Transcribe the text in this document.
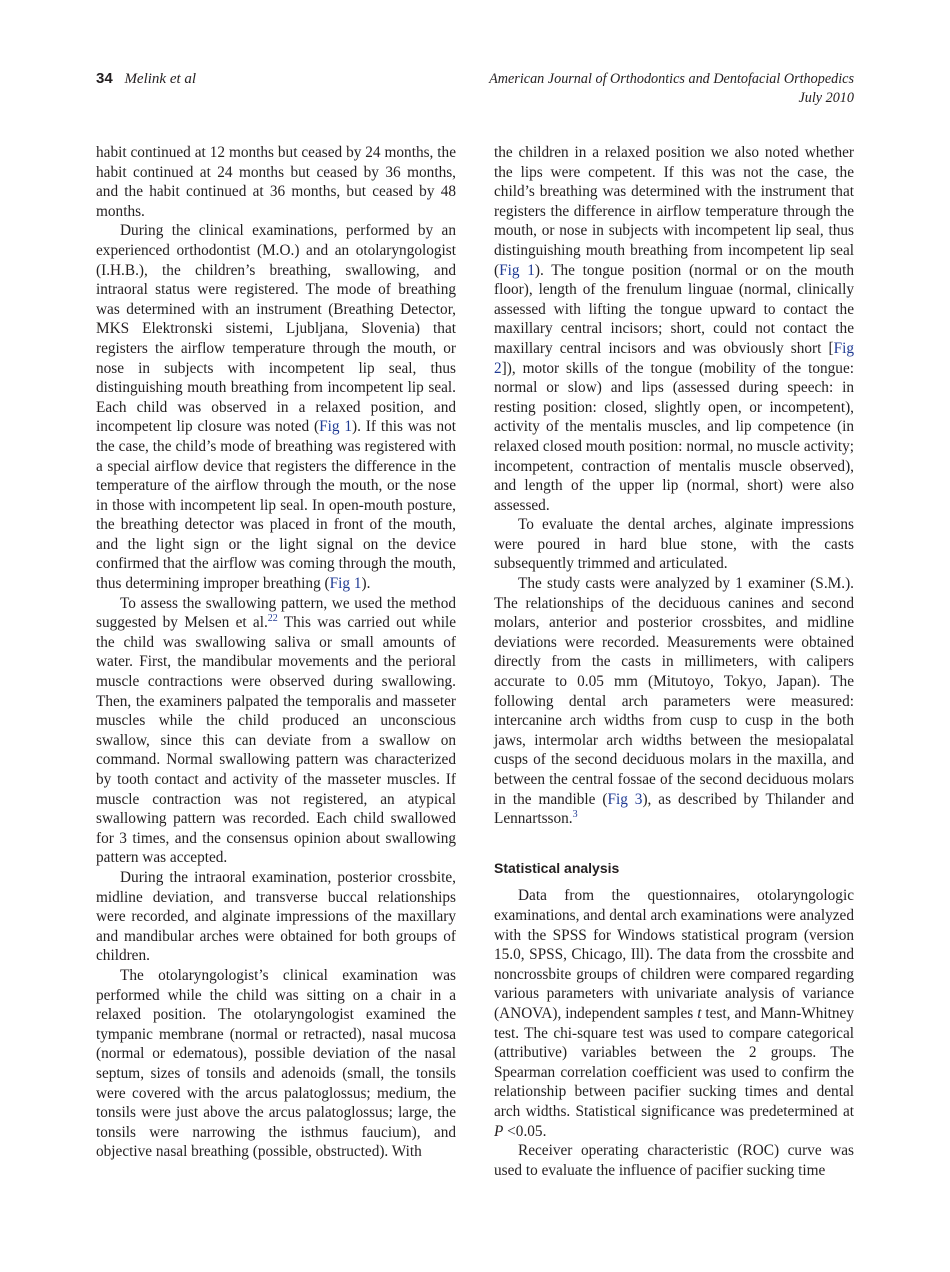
34 Melink et al	American Journal of Orthodontics and Dentofacial Orthopedics
July 2010

habit continued at 12 months but ceased by 24 months, the habit continued at 24 months but ceased by 36 months, and the habit continued at 36 months, but ceased by 48 months.

During the clinical examinations, performed by an experienced orthodontist (M.O.) and an otolaryngologist (I.H.B.), the children’s breathing, swallowing, and intraoral status were registered. The mode of breathing was determined with an instrument (Breathing Detector, MKS Elektronski sistemi, Ljubljana, Slovenia) that registers the airflow temperature through the mouth, or nose in subjects with incompetent lip seal, thus distinguishing mouth breathing from incompetent lip seal. Each child was observed in a relaxed position, and incompetent lip closure was noted (Fig 1). If this was not the case, the child’s mode of breathing was registered with a special airflow device that registers the difference in the temperature of the airflow through the mouth, or the nose in those with incompetent lip seal. In open-mouth posture, the breathing detector was placed in front of the mouth, and the light sign or the light signal on the device confirmed that the airflow was coming through the mouth, thus determining improper breathing (Fig 1).

To assess the swallowing pattern, we used the method suggested by Melsen et al.$^{22}$ This was carried out while the child was swallowing saliva or small amounts of water. First, the mandibular movements and the perioral muscle contractions were observed during swallowing. Then, the examiners palpated the temporalis and masseter muscles while the child produced an unconscious swallow, since this can deviate from a swallow on command. Normal swallowing pattern was characterized by tooth contact and activity of the masseter muscles. If muscle contraction was not registered, an atypical swallowing pattern was recorded. Each child swallowed for 3 times, and the consensus opinion about swallowing pattern was accepted.

During the intraoral examination, posterior crossbite, midline deviation, and transverse buccal relationships were recorded, and alginate impressions of the maxillary and mandibular arches were obtained for both groups of children.

The otolaryngologist’s clinical examination was performed while the child was sitting on a chair in a relaxed position. The otolaryngologist examined the tympanic membrane (normal or retracted), nasal mucosa (normal or edematous), possible deviation of the nasal septum, sizes of tonsils and adenoids (small, the tonsils were covered with the arcus palatoglossus; medium, the tonsils were just above the arcus palatoglossus; large, the tonsils were narrowing the isthmus faucium), and objective nasal breathing (possible, obstructed). With

the children in a relaxed position we also noted whether the lips were competent. If this was not the case, the child’s breathing was determined with the instrument that registers the difference in airflow temperature through the mouth, or nose in subjects with incompetent lip seal, thus distinguishing mouth breathing from incompetent lip seal (Fig 1). The tongue position (normal or on the mouth floor), length of the frenulum linguae (normal, clinically assessed with lifting the tongue upward to contact the maxillary central incisors; short, could not contact the maxillary central incisors and was obviously short [Fig 2]), motor skills of the tongue (mobility of the tongue: normal or slow) and lips (assessed during speech: in resting position: closed, slightly open, or incompetent), activity of the mentalis muscles, and lip competence (in relaxed closed mouth position: normal, no muscle activity; incompetent, contraction of mentalis muscle observed), and length of the upper lip (normal, short) were also assessed.

To evaluate the dental arches, alginate impressions were poured in hard blue stone, with the casts subsequently trimmed and articulated.

The study casts were analyzed by 1 examiner (S.M.). The relationships of the deciduous canines and second molars, anterior and posterior crossbites, and midline deviations were recorded. Measurements were obtained directly from the casts in millimeters, with calipers accurate to 0.05 mm (Mitutoyo, Tokyo, Japan). The following dental arch parameters were measured: intercanine arch widths from cusp to cusp in the both jaws, intermolar arch widths between the mesiopalatal cusps of the second deciduous molars in the maxilla, and between the central fossae of the second deciduous molars in the mandible (Fig 3), as described by Thilander and Lennartsson.$^3$

Statistical analysis

Data from the questionnaires, otolaryngologic examinations, and dental arch examinations were analyzed with the SPSS for Windows statistical program (version 15.0, SPSS, Chicago, Ill). The data from the crossbite and noncrossbite groups of children were compared regarding various parameters with univariate analysis of variance (ANOVA), independent samples t test, and Mann-Whitney test. The chi-square test was used to compare categorical (attributive) variables between the 2 groups. The Spearman correlation coefficient was used to confirm the relationship between pacifier sucking times and dental arch widths. Statistical significance was predetermined at P <0.05.

Receiver operating characteristic (ROC) curve was used to evaluate the influence of pacifier sucking time
